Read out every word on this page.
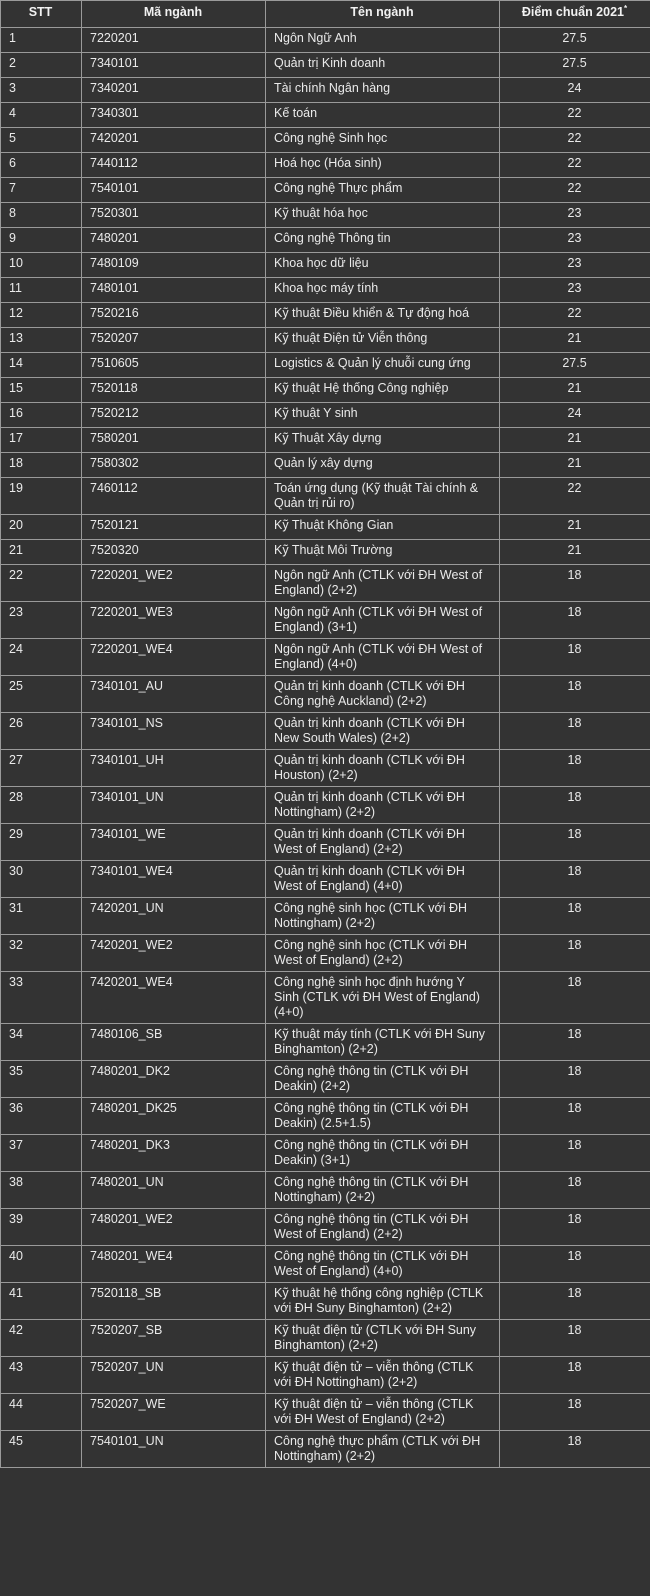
STT	Mã ngành	Tên ngành	Điểm chuẩn 2021*
1	7220201	Ngôn Ngữ Anh	27.5
2	7340101	Quản trị Kinh doanh	27.5
3	7340201	Tài chính Ngân hàng	24
4	7340301	Kế toán	22
5	7420201	Công nghệ Sinh học	22
6	7440112	Hoá học (Hóa sinh)	22
7	7540101	Công nghệ Thực phẩm	22
8	7520301	Kỹ thuật hóa học	23
9	7480201	Công nghệ Thông tin	23
10	7480109	Khoa học dữ liệu	23
11	7480101	Khoa học máy tính	23
12	7520216	Kỹ thuật Điều khiển & Tự động hoá	22
13	7520207	Kỹ thuật Điện tử Viễn thông	21
14	7510605	Logistics & Quản lý chuỗi cung ứng	27.5
15	7520118	Kỹ thuật Hệ thống Công nghiệp	21
16	7520212	Kỹ thuật Y sinh	24
17	7580201	Kỹ Thuật Xây dựng	21
18	7580302	Quản lý xây dựng	21
19	7460112	Toán ứng dụng (Kỹ thuật Tài chính & Quản trị rủi ro)	22
20	7520121	Kỹ Thuật Không Gian	21
21	7520320	Kỹ Thuật Môi Trường	21
22	7220201_WE2	Ngôn ngữ Anh (CTLK với ĐH West of England) (2+2)	18
23	7220201_WE3	Ngôn ngữ Anh (CTLK với ĐH West of England) (3+1)	18
24	7220201_WE4	Ngôn ngữ Anh (CTLK với ĐH West of England) (4+0)	18
25	7340101_AU	Quản trị kinh doanh (CTLK với ĐH Công nghệ Auckland) (2+2)	18
26	7340101_NS	Quản trị kinh doanh (CTLK với ĐH New South Wales) (2+2)	18
27	7340101_UH	Quản trị kinh doanh (CTLK với ĐH Houston) (2+2)	18
28	7340101_UN	Quản trị kinh doanh (CTLK với ĐH Nottingham) (2+2)	18
29	7340101_WE	Quản trị kinh doanh (CTLK với ĐH West of England) (2+2)	18
30	7340101_WE4	Quản trị kinh doanh (CTLK với ĐH West of England) (4+0)	18
31	7420201_UN	Công nghệ sinh học (CTLK với ĐH Nottingham) (2+2)	18
32	7420201_WE2	Công nghệ sinh học (CTLK với ĐH West of England) (2+2)	18
33	7420201_WE4	Công nghệ sinh học định hướng Y Sinh (CTLK với ĐH West of England) (4+0)	18
34	7480106_SB	Kỹ thuật máy tính (CTLK với ĐH Suny Binghamton) (2+2)	18
35	7480201_DK2	Công nghệ thông tin (CTLK với ĐH Deakin) (2+2)	18
36	7480201_DK25	Công nghệ thông tin (CTLK với ĐH Deakin) (2.5+1.5)	18
37	7480201_DK3	Công nghệ thông tin (CTLK với ĐH Deakin) (3+1)	18
38	7480201_UN	Công nghệ thông tin (CTLK với ĐH Nottingham) (2+2)	18
39	7480201_WE2	Công nghệ thông tin (CTLK với ĐH West of England) (2+2)	18
40	7480201_WE4	Công nghệ thông tin (CTLK với ĐH West of England) (4+0)	18
41	7520118_SB	Kỹ thuật hệ thống công nghiệp (CTLK với ĐH Suny Binghamton) (2+2)	18
42	7520207_SB	Kỹ thuật điện tử (CTLK với ĐH Suny Binghamton) (2+2)	18
43	7520207_UN	Kỹ thuật điện tử – viễn thông (CTLK với ĐH Nottingham) (2+2)	18
44	7520207_WE	Kỹ thuật điện tử – viễn thông (CTLK với ĐH West of England) (2+2)	18
45	7540101_UN	Công nghệ thực phẩm (CTLK với ĐH Nottingham) (2+2)	18
